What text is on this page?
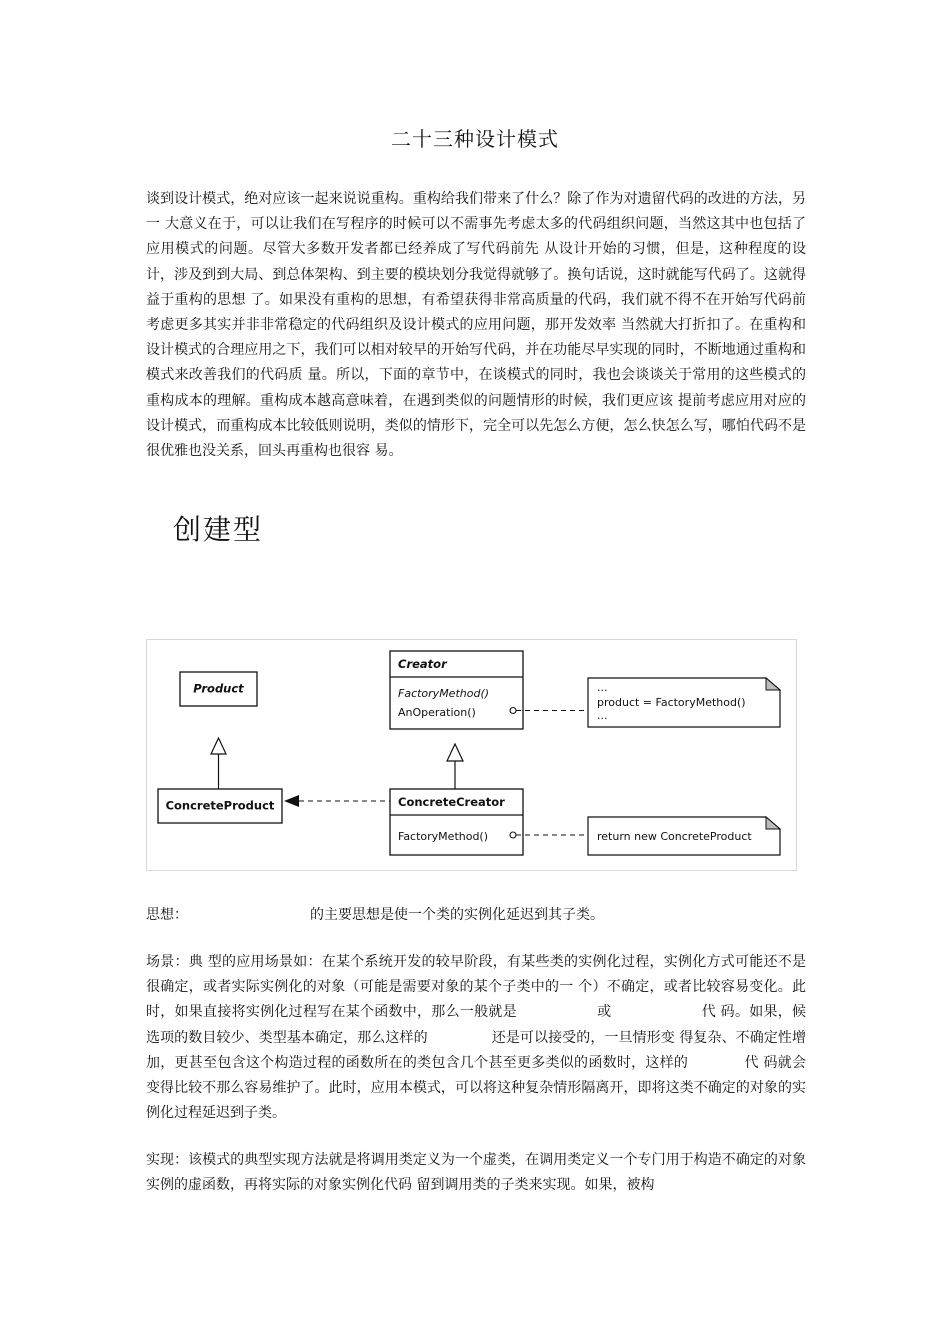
二十三种设计模式

谈到设计模式，绝对应该一起来说说重构。重构给我们带来了什么？除了作为对遗留代码的改进的方法，另一 大意义在于，可以让我们在写程序的时候可以不需事先考虑太多的代码组织问题，当然这其中也包括了应用模式的问题。尽管大多数开发者都已经养成了写代码前先 从设计开始的习惯，但是，这种程度的设计，涉及到到大局、到总体架构、到主要的模块划分我觉得就够了。换句话说，这时就能写代码了。这就得益于重构的思想 了。如果没有重构的思想，有希望获得非常高质量的代码，我们就不得不在开始写代码前考虑更多其实并非非常稳定的代码组织及设计模式的应用问题，那开发效率 当然就大打折扣了。在重构和设计模式的合理应用之下，我们可以相对较早的开始写代码，并在功能尽早实现的同时，不断地通过重构和模式来改善我们的代码质 量。所以，下面的章节中，在谈模式的同时，我也会谈谈关于常用的这些模式的重构成本的理解。重构成本越高意味着，在遇到类似的问题情形的时候，我们更应该 提前考虑应用对应的设计模式，而重构成本比较低则说明，类似的情形下，完全可以先怎么方便，怎么快怎么写，哪怕代码不是很优雅也没关系，回头再重构也很容 易。

创建型
Product
ConcreteProduct
Creator
FactoryMethod()
AnOperation()
ConcreteCreator
FactoryMethod()
...
product = FactoryMethod()
...
return new ConcreteProduct

思想：	的主要思想是使一个类的实例化延迟到其子类。

场景：典 型的应用场景如：在某个系统开发的较早阶段，有某些类的实例化过程，实例化方式可能还不是很确定，或者实际实例化的对象（可能是需要对象的某个子类中的一 个）不确定，或者比较容易变化。此时，如果直接将实例化过程写在某个函数中，那么一般就是	或	代 码。如果，候选项的数目较少、类型基本确定，那么这样的	还是可以接受的，一旦情形变 得复杂、不确定性增加，更甚至包含这个构造过程的函数所在的类包含几个甚至更多类似的函数时，这样的	代 码就会变得比较不那么容易维护了。此时，应用本模式，可以将这种复杂情形隔离开，即将这类不确定的对象的实例化过程延迟到子类。

实现：该模式的典型实现方法就是将调用类定义为一个虚类，在调用类定义一个专门用于构造不确定的对象实例的虚函数，再将实际的对象实例化代码 留到调用类的子类来实现。如果，被构
